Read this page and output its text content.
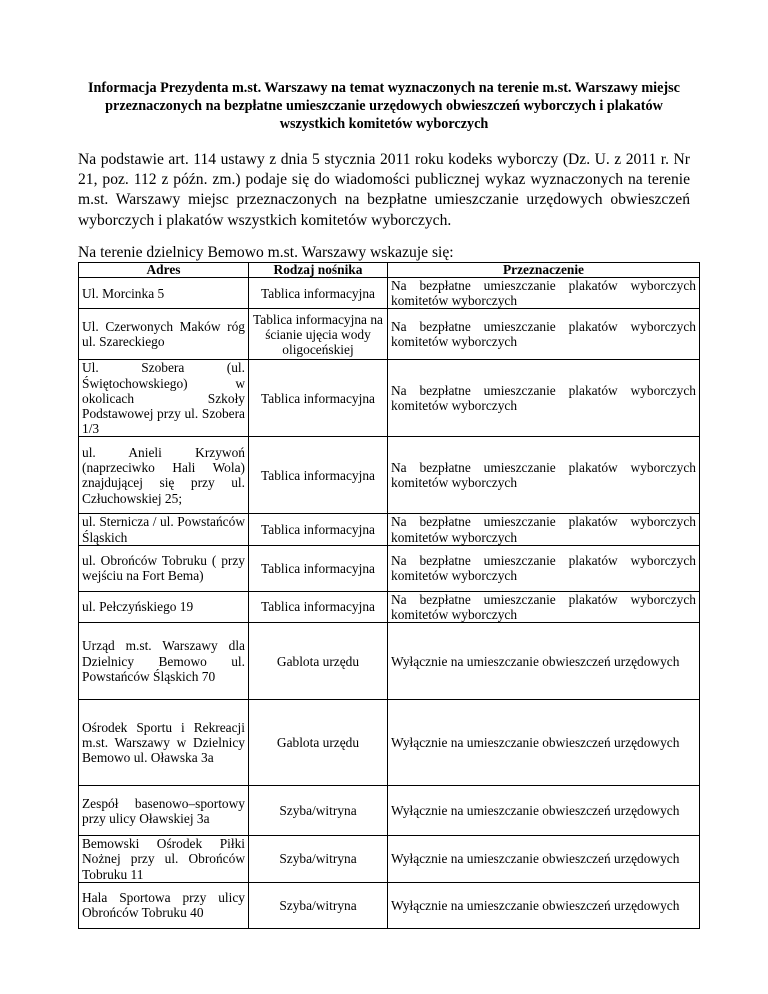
Informacja Prezydenta m.st. Warszawy na temat wyznaczonych na terenie m.st. Warszawy miejsc przeznaczonych na bezpłatne umieszczanie urzędowych obwieszczeń wyborczych i plakatów wszystkich komitetów wyborczych
Na podstawie art. 114 ustawy z dnia 5 stycznia 2011 roku kodeks wyborczy (Dz. U. z 2011 r. Nr 21, poz. 112 z późn. zm.) podaje się do wiadomości publicznej wykaz wyznaczonych na terenie m.st. Warszawy miejsc przeznaczonych na bezpłatne umieszczanie urzędowych obwieszczeń wyborczych i plakatów wszystkich komitetów wyborczych.
Na terenie dzielnicy Bemowo m.st. Warszawy wskazuje się:
Adres	Rodzaj nośnika	Przeznaczenie
Ul. Morcinka 5	Tablica informacyjna	Na bezpłatne umieszczanie plakatów wyborczych komitetów wyborczych
Ul. Czerwonych Maków róg ul. Szareckiego	Tablica informacyjna na ścianie ujęcia wody oligoceńskiej	Na bezpłatne umieszczanie plakatów wyborczych komitetów wyborczych
Ul. Szobera (ul. Świętochowskiego) w okolicach Szkoły Podstawowej przy ul. Szobera 1/3	Tablica informacyjna	Na bezpłatne umieszczanie plakatów wyborczych komitetów wyborczych
ul. Anieli Krzywoń (naprzeciwko Hali Wola) znajdującej się przy ul. Człuchowskiej 25;	Tablica informacyjna	Na bezpłatne umieszczanie plakatów wyborczych komitetów wyborczych
ul. Sternicza / ul. Powstańców Śląskich	Tablica informacyjna	Na bezpłatne umieszczanie plakatów wyborczych komitetów wyborczych
ul. Obrońców Tobruku ( przy wejściu na Fort Bema)	Tablica informacyjna	Na bezpłatne umieszczanie plakatów wyborczych komitetów wyborczych
ul. Pełczyńskiego 19	Tablica informacyjna	Na bezpłatne umieszczanie plakatów wyborczych komitetów wyborczych
Urząd m.st. Warszawy dla Dzielnicy Bemowo ul. Powstańców Śląskich 70	Gablota urzędu	Wyłącznie na umieszczanie obwieszczeń urzędowych
Ośrodek Sportu i Rekreacji m.st. Warszawy w Dzielnicy Bemowo ul. Oławska 3a	Gablota urzędu	Wyłącznie na umieszczanie obwieszczeń urzędowych
Zespół basenowo–sportowy przy ulicy Oławskiej 3a	Szyba/witryna	Wyłącznie na umieszczanie obwieszczeń urzędowych
Bemowski Ośrodek Piłki Nożnej przy ul. Obrońców Tobruku 11	Szyba/witryna	Wyłącznie na umieszczanie obwieszczeń urzędowych
Hala Sportowa przy ulicy Obrońców Tobruku 40	Szyba/witryna	Wyłącznie na umieszczanie obwieszczeń urzędowych
